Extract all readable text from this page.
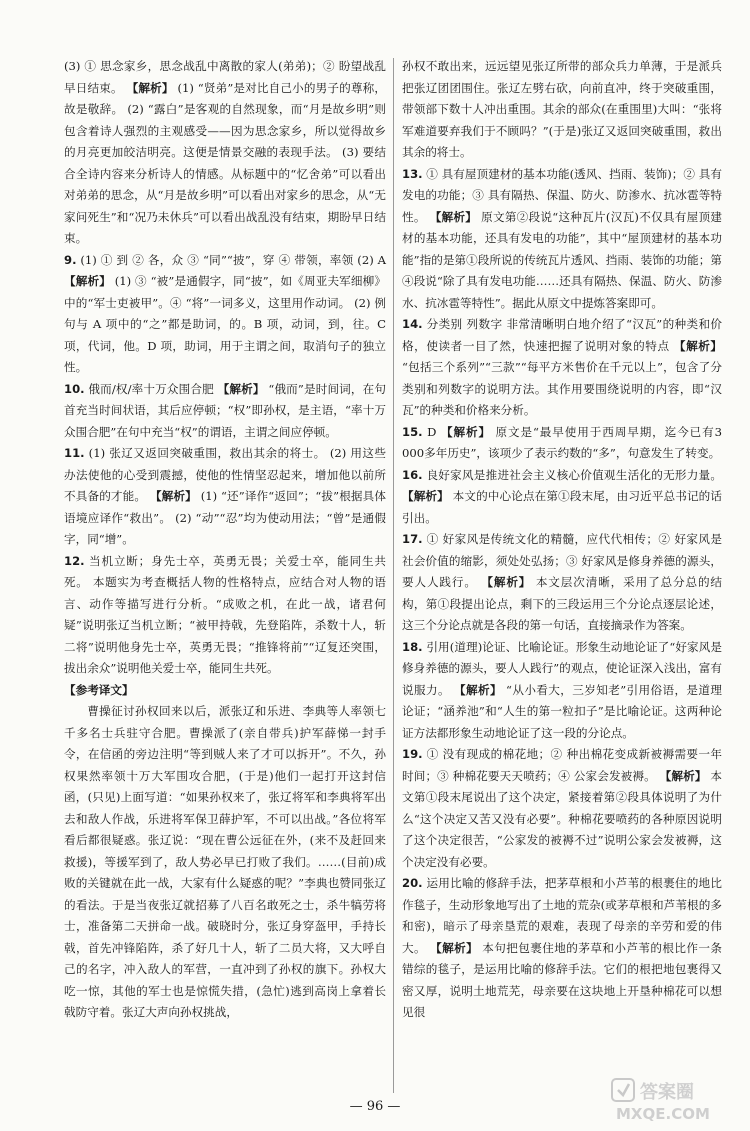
(3) ① 思念家乡，思念战乱中离散的家人(弟弟)；② 盼望战乱早日结束。 【解析】 (1) “贤弟”是对比自己小的男子的尊称，故是敬辞。 (2) “露白”是客观的自然现象，而“月是故乡明”则包含着诗人强烈的主观感受——因为思念家乡，所以觉得故乡的月亮更加皎洁明亮。这便是情景交融的表现手法。 (3) 要结合全诗内容来分析诗人的情感。从标题中的“忆舍弟”可以看出对弟弟的思念，从“月是故乡明”可以看出对家乡的思念，从“无家问死生”和“况乃未休兵”可以看出战乱没有结束，期盼早日结束。

9. (1) ① 到 ② 各，众 ③ “同”“披”，穿 ④ 带领，率领 (2) A 【解析】 (1) ③ “被”是通假字，同“披”，如《周亚夫军细柳》中的“军士吏被甲”。④ “将”一词多义，这里用作动词。 (2) 例句与 A 项中的“之”都是助词，的。B 项，动词，到，往。C 项，代词，他。D 项，助词，用于主谓之间，取消句子的独立性。

10. 俄而/权/率十万众围合肥 【解析】 “俄而”是时间词，在句首充当时间状语，其后应停顿；“权”即孙权，是主语，“率十万众围合肥”在句中充当“权”的谓语，主谓之间应停顿。

11. (1) 张辽又返回突破重围，救出其余的将士。 (2) 用这些办法使他的心受到震撼，使他的性情坚忍起来，增加他以前所不具备的才能。 【解析】 (1) “还”译作“返回”；“拔”根据具体语境应译作“救出”。 (2) “动”“忍”均为使动用法；“曾”是通假字，同“增”。

12. 当机立断；身先士卒，英勇无畏；关爱士卒，能同生共死。 本题实为考查概括人物的性格特点，应结合对人物的语言、动作等描写进行分析。“成败之机，在此一战，诸君何疑”说明张辽当机立断；“被甲持戟，先登陷阵，杀数十人，斩二将”说明他身先士卒，英勇无畏；“推锋将前”“辽复还突围，拔出余众”说明他关爱士卒，能同生共死。

【参考译文】

曹操征讨孙权回来以后，派张辽和乐进、李典等人率领七千多名士兵驻守合肥。曹操派了(亲自带兵)护军薛悌一封手令，在信函的旁边注明“等到贼人来了才可以拆开”。不久，孙权果然率领十万大军围攻合肥，(于是)他们一起打开这封信函，(只见)上面写道：“如果孙权来了，张辽将军和李典将军出去和敌人作战，乐进将军保卫薛护军，不可以出战。”各位将军看后都很疑惑。张辽说：“现在曹公远征在外，(来不及赶回来救援)，等援军到了，敌人势必早已打败了我们。……(目前)成败的关键就在此一战，大家有什么疑惑的呢？”李典也赞同张辽的看法。于是当夜张辽就招募了八百名敢死之士，杀牛犒劳将士，准备第二天拼命一战。破晓时分，张辽身穿盔甲，手持长戟，首先冲锋陷阵，杀了好几十人，斩了二员大将，又大呼自己的名字，冲入敌人的军营，一直冲到了孙权的旗下。孙权大吃一惊，其他的军士也是惊慌失措，(急忙)逃到高岗上拿着长戟防守着。张辽大声向孙权挑战，

孙权不敢出来，远远望见张辽所带的部众兵力单薄，于是派兵把张辽团团围住。张辽左劈右砍，向前直冲，终于突破重围，带领部下数十人冲出重围。其余的部众(在重围里)大叫：“张将军难道要弃我们于不顾吗？”(于是)张辽又返回突破重围，救出其余的将士。

13. ① 具有屋顶建材的基本功能(透风、挡雨、装饰)；② 具有发电的功能；③ 具有隔热、保温、防火、防渗水、抗冰雹等特性。 【解析】 原文第②段说“这种瓦片(汉瓦)不仅具有屋顶建材的基本功能，还具有发电的功能”，其中“屋顶建材的基本功能”指的是第①段所说的传统瓦片透风、挡雨、装饰的功能；第④段说“除了具有发电功能……还具有隔热、保温、防火、防渗水、抗冰雹等特性”。据此从原文中提炼答案即可。

14. 分类别 列数字 非常清晰明白地介绍了“汉瓦”的种类和价格，使读者一目了然，快速把握了说明对象的特点 【解析】 “包括三个系列”“三款”“每平方米售价在千元以上”，包含了分类别和列数字的说明方法。其作用要围绕说明的内容，即“汉瓦”的种类和价格来分析。

15. D 【解析】 原文是“最早使用于西周早期，迄今已有3 000多年历史”，该项少了表示约数的“多”，句意发生了转变。

16. 良好家风是推进社会主义核心价值观生活化的无形力量。 【解析】 本文的中心论点在第①段末尾，由习近平总书记的话引出。

17. ① 好家风是传统文化的精髓，应代代相传；② 好家风是社会价值的缩影，须处处弘扬；③ 好家风是修身养德的源头，要人人践行。 【解析】 本文层次清晰，采用了总分总的结构，第①段提出论点，剩下的三段运用三个分论点逐层论述，这三个分论点就是各段的第一句话，直接摘录作为答案。

18. 引用(道理)论证、比喻论证。形象生动地论证了“好家风是修身养德的源头，要人人践行”的观点，使论证深入浅出，富有说服力。 【解析】 “从小看大，三岁知老”引用俗语，是道理论证；“涵养池”和“人生的第一粒扣子”是比喻论证。这两种论证方法都形象生动地论证了这一段的分论点。

19. ① 没有现成的棉花地；② 种出棉花变成新被褥需要一年时间；③ 种棉花要天天喷药；④ 公家会发被褥。 【解析】 本文第①段末尾说出了这个决定，紧接着第②段具体说明了为什么“这个决定又苦又没有必要”。种棉花要喷药的各种原因说明了这个决定很苦，“公家发的被褥不过”说明公家会发被褥，这个决定没有必要。

20. 运用比喻的修辞手法，把茅草根和小芦苇的根裹住的地比作毯子，生动形象地写出了土地的荒杂(或茅草根和芦苇根的多和密)，暗示了母亲垦荒的艰难，表现了母亲的辛劳和爱的伟大。 【解析】 本句把包裹住地的茅草和小芦苇的根比作一条错综的毯子，是运用比喻的修辞手法。它们的根把地包裹得又密又厚，说明土地荒芜，母亲要在这块地上开垦种棉花可以想见很

— 96 —
答案圈
MXQE.COM
